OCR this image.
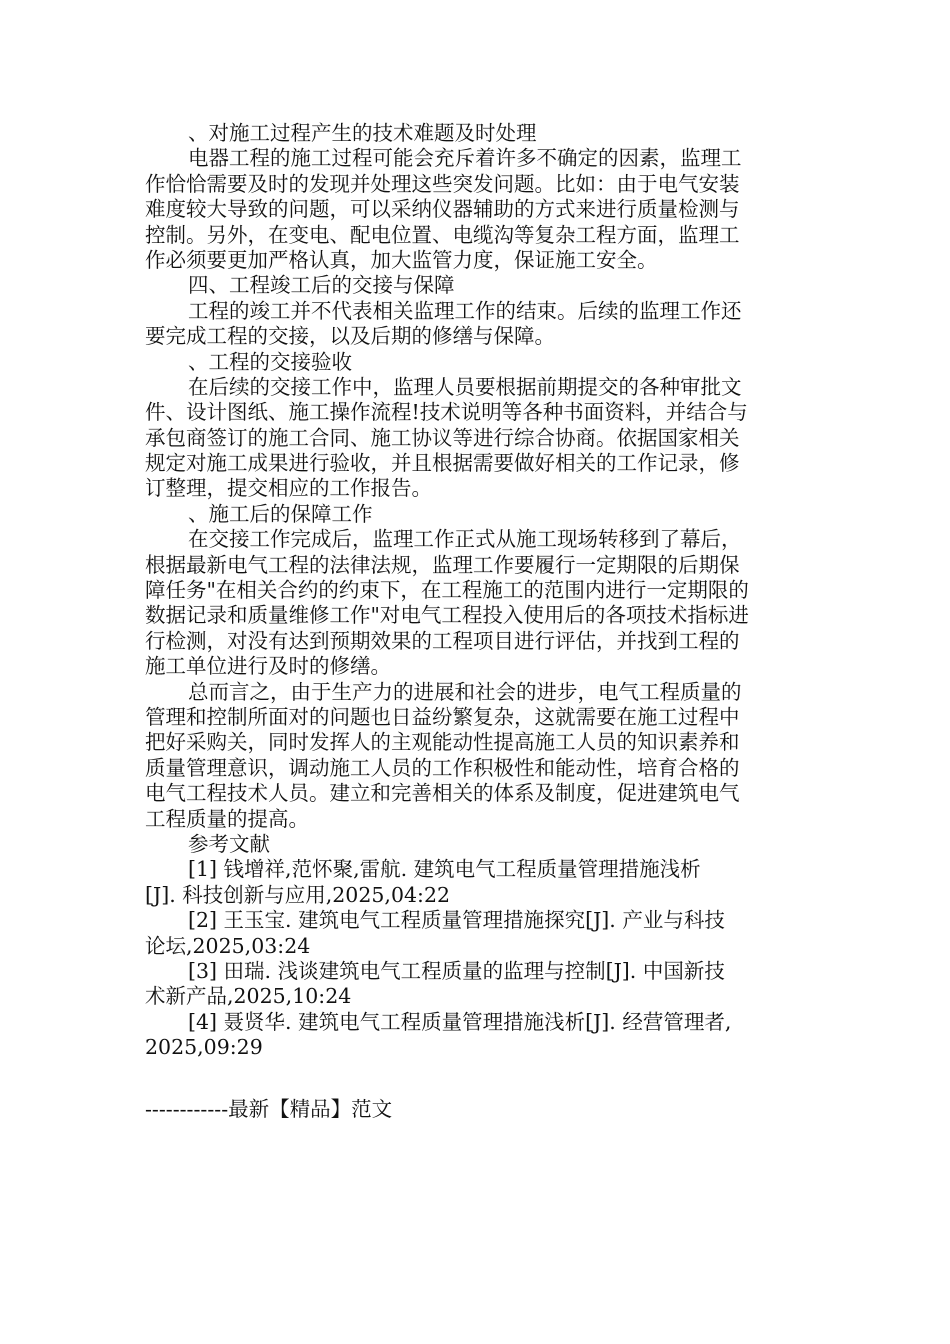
、对施工过程产生的技术难题及时处理
电器工程的施工过程可能会充斥着许多不确定的因素，监理工
作恰恰需要及时的发现并处理这些突发问题。比如：由于电气安装
难度较大导致的问题，可以采纳仪器辅助的方式来进行质量检测与
控制。另外，在变电、配电位置、电缆沟等复杂工程方面，监理工
作必须要更加严格认真，加大监管力度，保证施工安全。
四、工程竣工后的交接与保障
工程的竣工并不代表相关监理工作的结束。后续的监理工作还
要完成工程的交接，以及后期的修缮与保障。
、工程的交接验收
在后续的交接工作中，监理人员要根据前期提交的各种审批文
件、设计图纸、施工操作流程!技术说明等各种书面资料，并结合与
承包商签订的施工合同、施工协议等进行综合协商。依据国家相关
规定对施工成果进行验收，并且根据需要做好相关的工作记录，修
订整理，提交相应的工作报告。
、施工后的保障工作
在交接工作完成后，监理工作正式从施工现场转移到了幕后，
根据最新电气工程的法律法规，监理工作要履行一定期限的后期保
障任务"在相关合约的约束下，在工程施工的范围内进行一定期限的
数据记录和质量维修工作"对电气工程投入使用后的各项技术指标进
行检测，对没有达到预期效果的工程项目进行评估，并找到工程的
施工单位进行及时的修缮。
总而言之，由于生产力的进展和社会的进步，电气工程质量的
管理和控制所面对的问题也日益纷繁复杂，这就需要在施工过程中
把好采购关，同时发挥人的主观能动性提高施工人员的知识素养和
质量管理意识，调动施工人员的工作积极性和能动性，培育合格的
电气工程技术人员。建立和完善相关的体系及制度，促进建筑电气
工程质量的提高。
参考文献
[1] 钱增祥,范怀聚,雷航. 建筑电气工程质量管理措施浅析
[J]. 科技创新与应用,2025,04:22
[2] 王玉宝. 建筑电气工程质量管理措施探究[J]. 产业与科技
论坛,2025,03:24
[3] 田瑞. 浅谈建筑电气工程质量的监理与控制[J]. 中国新技
术新产品,2025,10:24
[4] 聂贤华. 建筑电气工程质量管理措施浅析[J]. 经营管理者,
2025,09:29
------------最新【精品】范文
